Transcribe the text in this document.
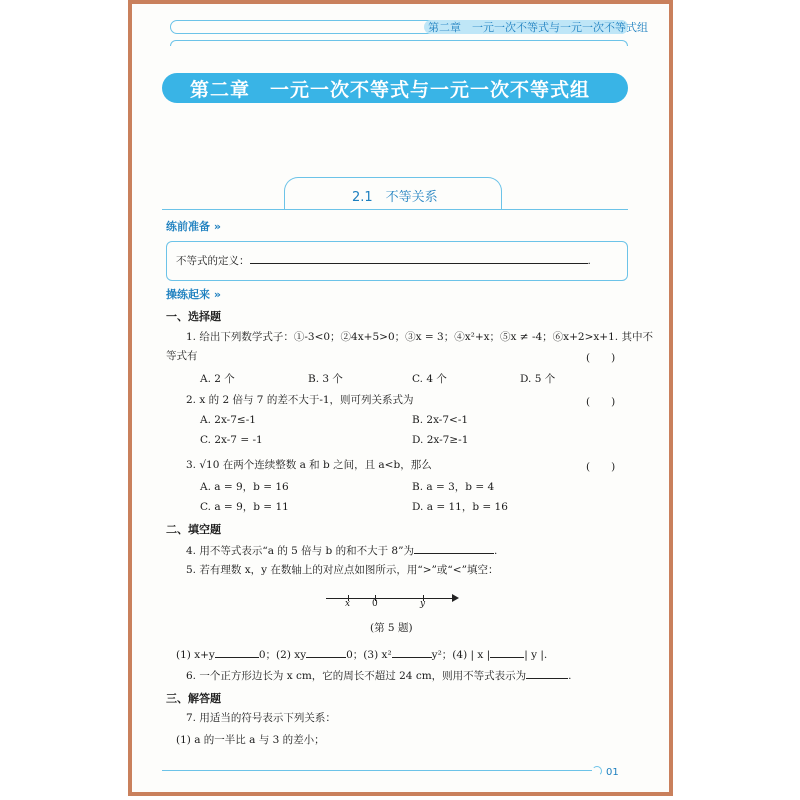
第二章　一元一次不等式与一元一次不等式组
第二章　一元一次不等式与一元一次不等式组
2.1　不等关系
练前准备 »
不等式的定义：	.
操练起来 »
一、选择题
1. 给出下列数学式子：①-3<0；②4x+5>0；③x = 3；④x²+x；⑤x ≠ -4；⑥x+2>x+1. 其中不
等式有	(　　)
A. 2 个	B. 3 个	C. 4 个	D. 5 个
2. x 的 2 倍与 7 的差不大于-1，则可列关系式为	(　　)
A. 2x-7≤-1	B. 2x-7<-1
C. 2x-7 = -1	D. 2x-7≥-1
3. √10 在两个连续整数 a 和 b 之间，且 a<b，那么	(　　)
A. a = 9，b = 16	B. a = 3，b = 4
C. a = 9，b = 11	D. a = 11，b = 16
二、填空题
4. 用不等式表示“a 的 5 倍与 b 的和不大于 8”为	.
5. 若有理数 x，y 在数轴上的对应点如图所示，用“>”或“<”填空：
x 0	y
(第 5 题)
(1) x+y	0；(2) xy	0；(3) x²	y²；(4) | x |	| y |.
6. 一个正方形边长为 x cm，它的周长不超过 24 cm，则用不等式表示为	.
三、解答题
7. 用适当的符号表示下列关系：
(1) a 的一半比 a 与 3 的差小；
01
